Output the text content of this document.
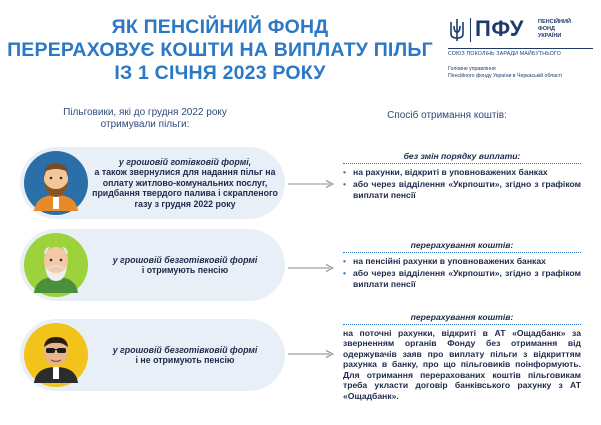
ЯК ПЕНСІЙНИЙ ФОНД
ПЕРЕРАХОВУЄ КОШТИ НА ВИПЛАТУ ПІЛЬГ
ІЗ 1 СІЧНЯ 2023 РОКУ
ПФУ	ПЕНСІЙНИЙ
ФОНД
УКРАЇНИ
СОЮЗ ПОКОЛІНЬ ЗАРАДИ МАЙБУТНЬОГО
Головне управління
Пенсійного фонду України в Черкаській області
Пільговики, які до грудня 2022 року отримували пільги:
Спосіб отримання коштів:
у грошовій готівковій формі,
а також звернулися для надання пільг на оплату житлово-комунальних послуг, придбання твердого палива і скрапленого газу з грудня 2022 року
у грошовій безготівковій формі
і отримують пенсію
у грошовій безготівковій формі
і не отримують пенсію
без змін порядку виплати:
• на рахунки, відкриті в уповноважених банках
• або через відділення «Укрпошти», згідно з графіком виплати пенсії
перерахування коштів:
• на пенсійні рахунки в уповноважених банках
• або через відділення «Укрпошти», згідно з графіком виплати пенсії
перерахування коштів:
на поточні рахунки, відкриті в АТ «Ощадбанк» за зверненням органів Фонду без отримання від одержувачів заяв про виплату пільги з відкриттям рахунка в банку, про що пільговиків поінформують. Для отримання перерахованих коштів пільговикам треба укласти договір банківського рахунку з АТ «Ощадбанк».
